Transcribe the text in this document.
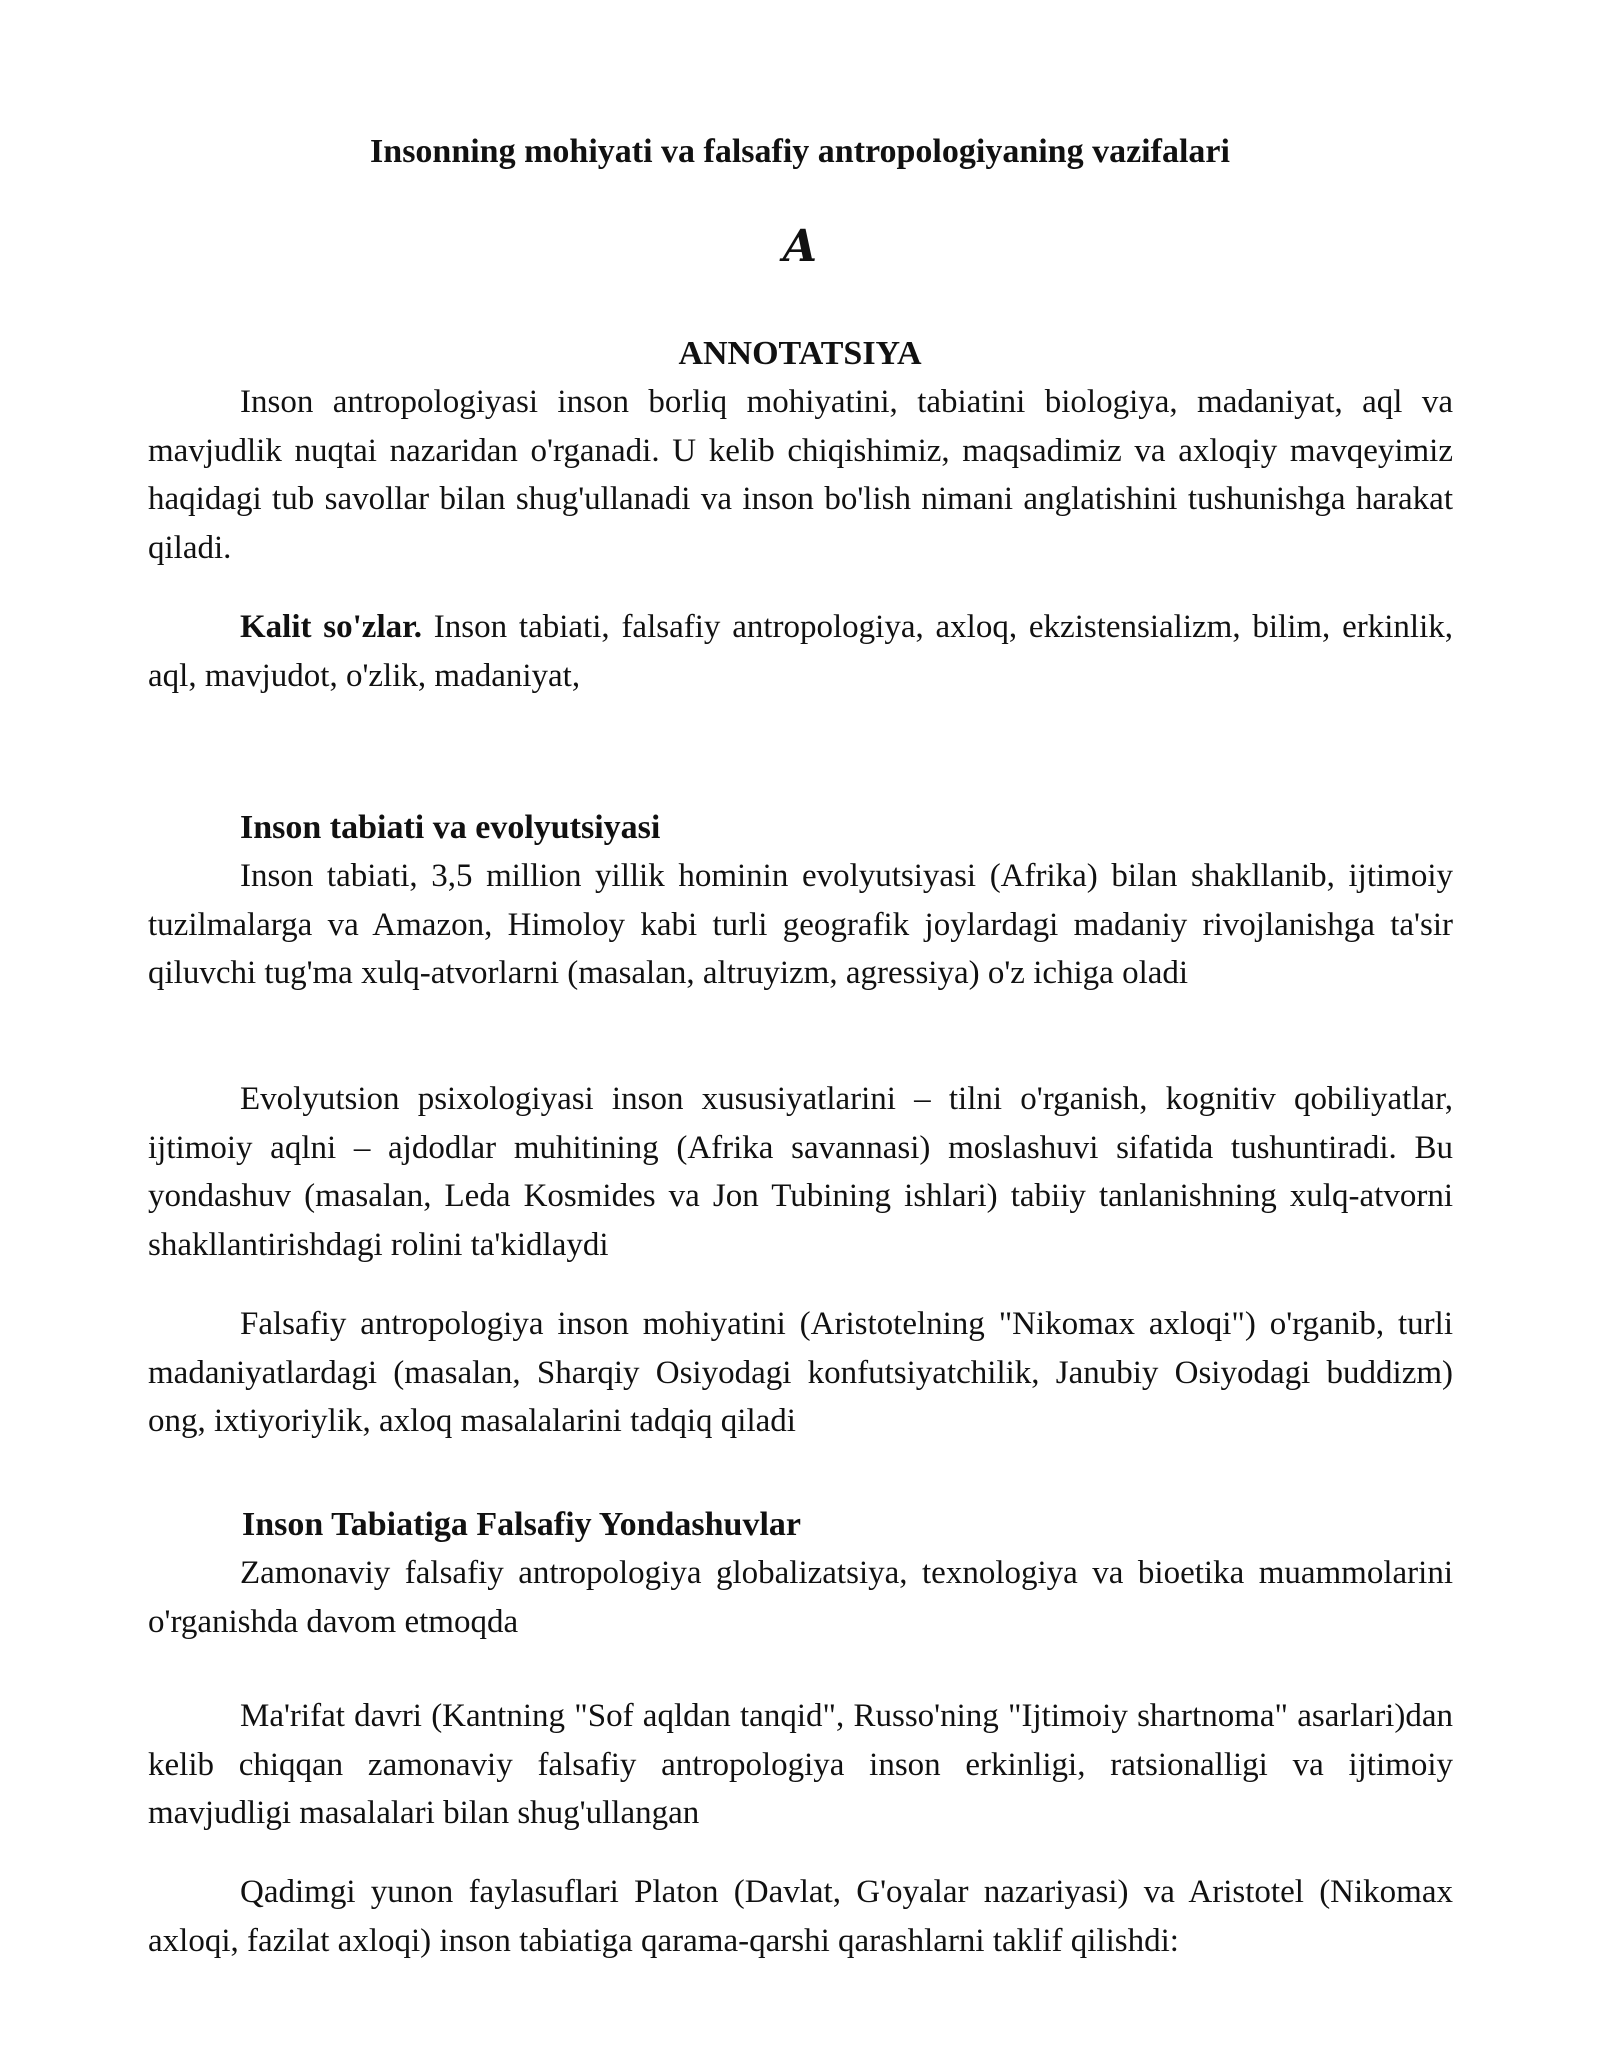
Insonning mohiyati va falsafiy antropologiyaning vazifalari
A
ANNOTATSIYA

Inson antropologiyasi inson borliq mohiyatini, tabiatini biologiya, madaniyat, aql va mavjudlik nuqtai nazaridan o'rganadi. U kelib chiqishimiz, maqsadimiz va axloqiy mavqeyimiz haqidagi tub savollar bilan shug'ullanadi va inson bo'lish nimani anglatishini tushunishga harakat qiladi.

Kalit so'zlar. Inson tabiati, falsafiy antropologiya, axloq, ekzistensializm, bilim, erkinlik, aql, mavjudot, o'zlik, madaniyat,

Inson tabiati va evolyutsiyasi

Inson tabiati, 3,5 million yillik hominin evolyutsiyasi (Afrika) bilan shakllanib, ijtimoiy tuzilmalarga va Amazon, Himoloy kabi turli geografik joylardagi madaniy rivojlanishga ta'sir qiluvchi tug'ma xulq-atvorlarni (masalan, altruyizm, agressiya) o'z ichiga oladi

Evolyutsion psixologiyasi inson xususiyatlarini – tilni o'rganish, kognitiv qobiliyatlar, ijtimoiy aqlni – ajdodlar muhitining (Afrika savannasi) moslashuvi sifatida tushuntiradi. Bu yondashuv (masalan, Leda Kosmides va Jon Tubining ishlari) tabiiy tanlanishning xulq-atvorni shakllantirishdagi rolini ta'kidlaydi

Falsafiy antropologiya inson mohiyatini (Aristotelning "Nikomax axloqi") o'rganib, turli madaniyatlardagi (masalan, Sharqiy Osiyodagi konfutsiyatchilik, Janubiy Osiyodagi buddizm) ong, ixtiyoriylik, axloq masalalarini tadqiq qiladi

Inson Tabiatiga Falsafiy Yondashuvlar

Zamonaviy falsafiy antropologiya globalizatsiya, texnologiya va bioetika muammolarini o'rganishda davom etmoqda

Ma'rifat davri (Kantning "Sof aqldan tanqid", Russo'ning "Ijtimoiy shartnoma" asarlari)dan kelib chiqqan zamonaviy falsafiy antropologiya inson erkinligi, ratsionalligi va ijtimoiy mavjudligi masalalari bilan shug'ullangan

Qadimgi yunon faylasuflari Platon (Davlat, G'oyalar nazariyasi) va Aristotel (Nikomax axloqi, fazilat axloqi) inson tabiatiga qarama-qarshi qarashlarni taklif qilishdi:
